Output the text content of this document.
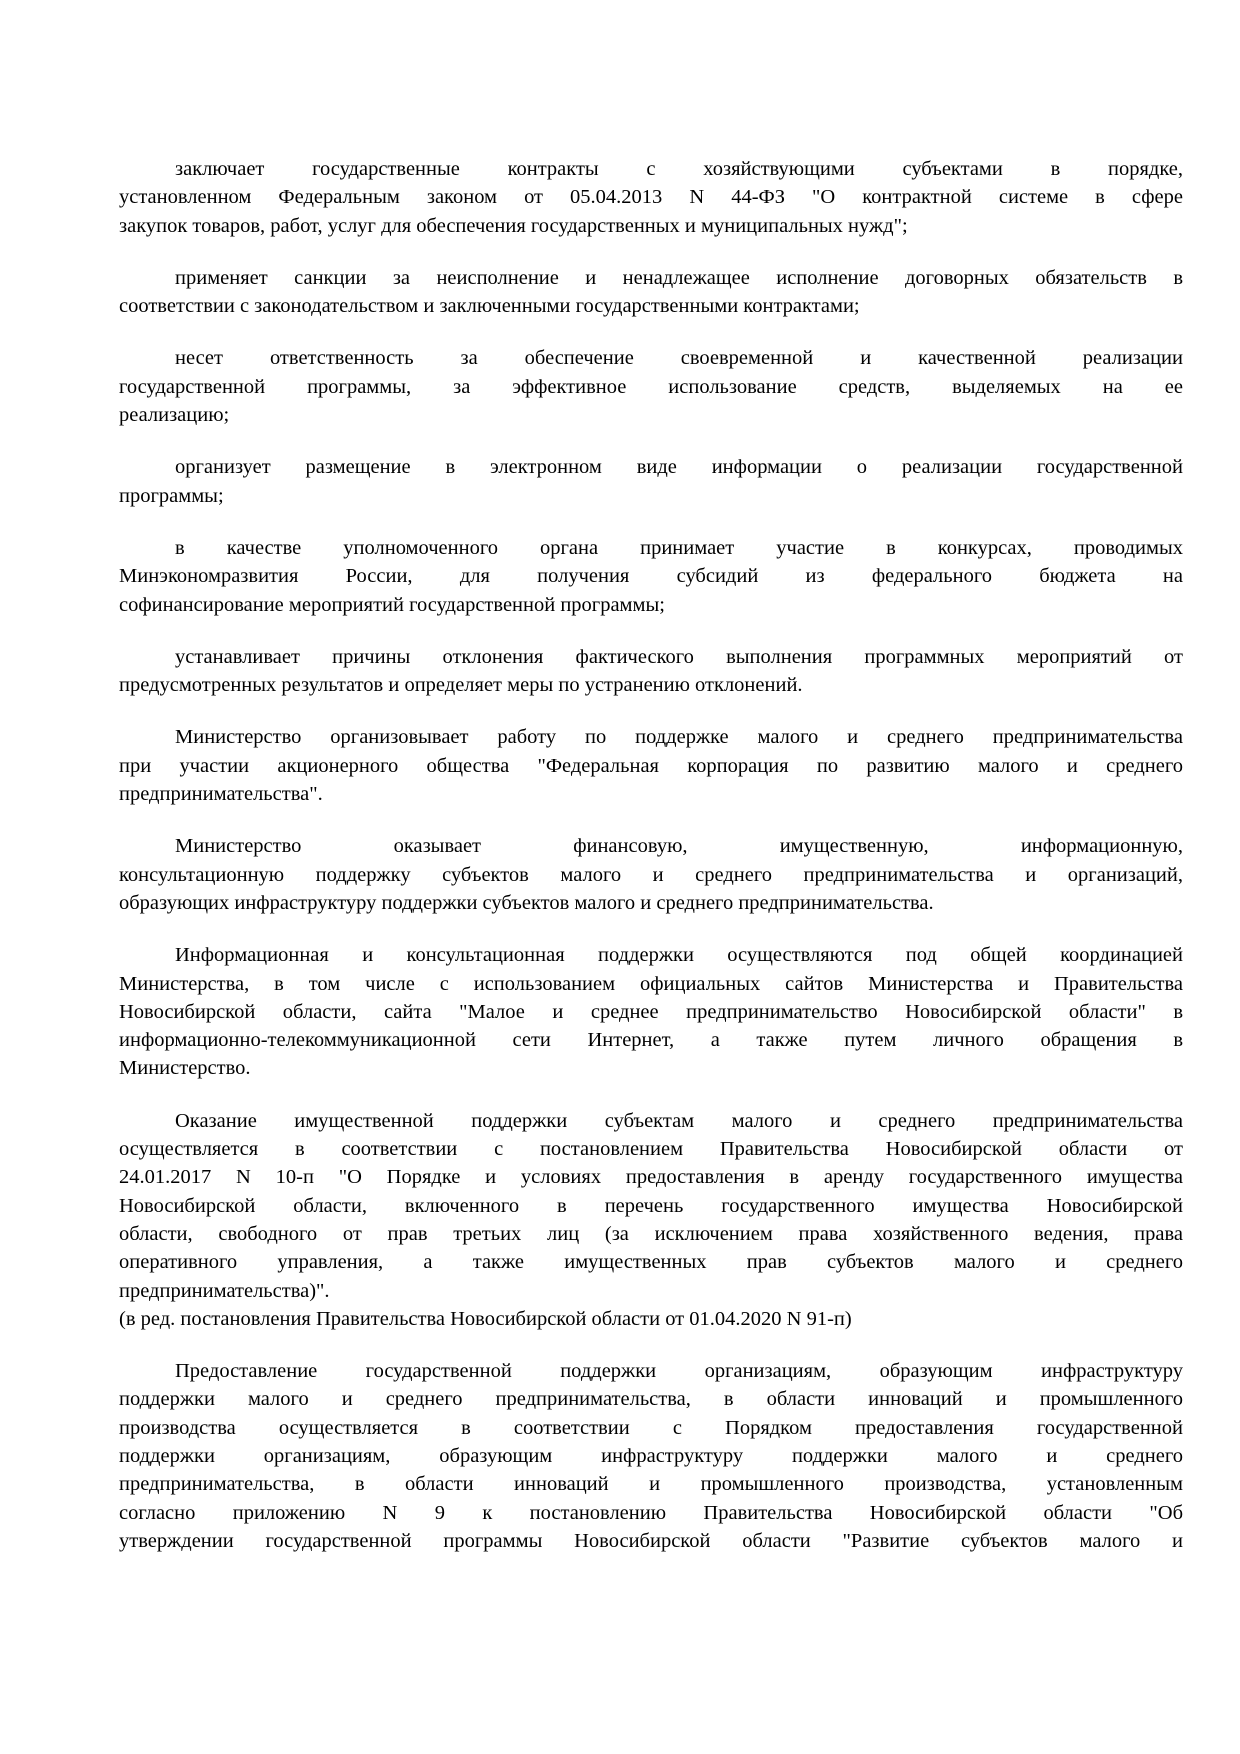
заключает государственные контракты с хозяйствующими субъектами в порядке,
установленном Федеральным законом от 05.04.2013 N 44-ФЗ "О контрактной системе в сфере
закупок товаров, работ, услуг для обеспечения государственных и муниципальных нужд";
применяет санкции за неисполнение и ненадлежащее исполнение договорных обязательств в
соответствии с законодательством и заключенными государственными контрактами;
несет ответственность за обеспечение своевременной и качественной реализации
государственной программы, за эффективное использование средств, выделяемых на ее
реализацию;
организует размещение в электронном виде информации о реализации государственной
программы;
в качестве уполномоченного органа принимает участие в конкурсах, проводимых
Минэкономразвития России, для получения субсидий из федерального бюджета на
софинансирование мероприятий государственной программы;
устанавливает причины отклонения фактического выполнения программных мероприятий от
предусмотренных результатов и определяет меры по устранению отклонений.
Министерство организовывает работу по поддержке малого и среднего предпринимательства
при участии акционерного общества "Федеральная корпорация по развитию малого и среднего
предпринимательства".
Министерство оказывает финансовую, имущественную, информационную,
консультационную поддержку субъектов малого и среднего предпринимательства и организаций,
образующих инфраструктуру поддержки субъектов малого и среднего предпринимательства.
Информационная и консультационная поддержки осуществляются под общей координацией
Министерства, в том числе с использованием официальных сайтов Министерства и Правительства
Новосибирской области, сайта "Малое и среднее предпринимательство Новосибирской области" в
информационно-телекоммуникационной сети Интернет, а также путем личного обращения в
Министерство.
Оказание имущественной поддержки субъектам малого и среднего предпринимательства
осуществляется в соответствии с постановлением Правительства Новосибирской области от
24.01.2017 N 10-п "О Порядке и условиях предоставления в аренду государственного имущества
Новосибирской области, включенного в перечень государственного имущества Новосибирской
области, свободного от прав третьих лиц (за исключением права хозяйственного ведения, права
оперативного управления, а также имущественных прав субъектов малого и среднего
предпринимательства)".
(в ред. постановления Правительства Новосибирской области от 01.04.2020 N 91-п)
Предоставление государственной поддержки организациям, образующим инфраструктуру
поддержки малого и среднего предпринимательства, в области инноваций и промышленного
производства осуществляется в соответствии с Порядком предоставления государственной
поддержки организациям, образующим инфраструктуру поддержки малого и среднего
предпринимательства, в области инноваций и промышленного производства, установленным
согласно приложению N 9 к постановлению Правительства Новосибирской области "Об
утверждении государственной программы Новосибирской области "Развитие субъектов малого и
